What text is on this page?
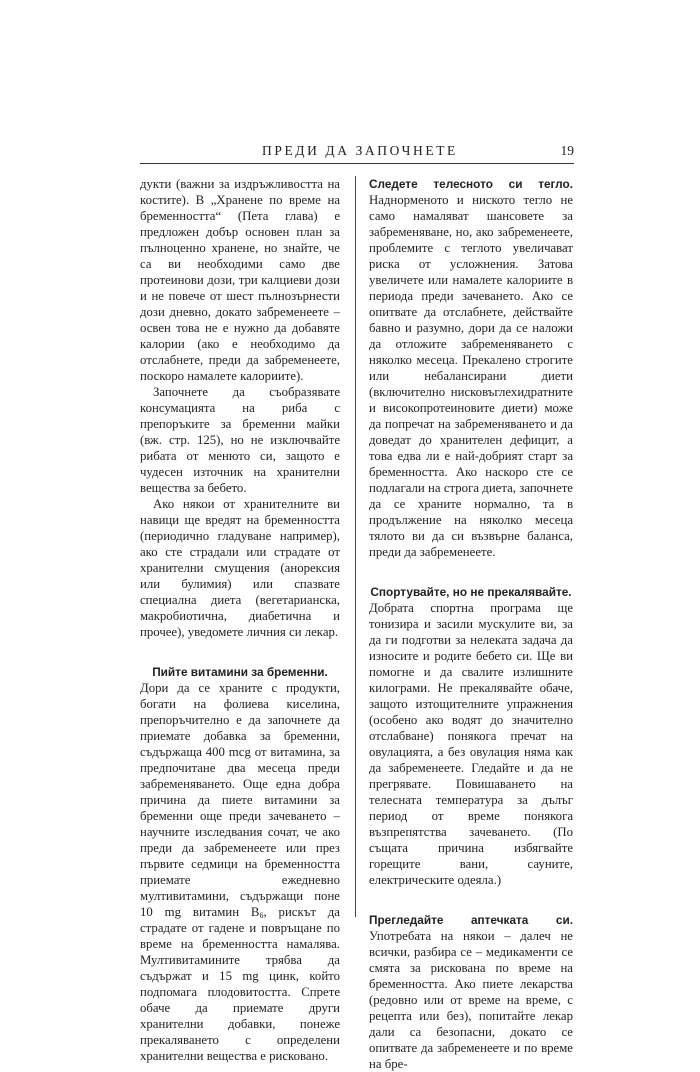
ПРЕДИ ДА ЗАПОЧНЕТЕ	19

дукти (важни за издръжливостта на костите). В „Хранене по време на бременността“ (Пета глава) е предложен добър основен план за пълноценно хранене, но знайте, че са ви необходими само две протеинови дози, три калциеви дози и не повече от шест пълнозърнести дози дневно, докато забременеете – освен това не е нужно да добавяте калории (ако е необходимо да отслабнете, преди да забременеете, поскоро намалете калориите).

Започнете да съобразявате консумацията на риба с препоръките за бременни майки (вж. стр. 125), но не изключвайте рибата от менюто си, защото е чудесен източник на хранителни вещества за бебето.

Ако някои от хранителните ви навици ще вредят на бременността (периодично гладуване например), ако сте страдали или страдате от хранителни смущения (анорексия или булимия) или спазвате специална диета (вегетарианска, макробиотична, диабетична и прочее), уведомете личния си лекар.

Пийте витамини за бременни.
Дори да се храните с продукти, богати на фолиева киселина, препоръчително е да започнете да приемате добавка за бременни, съдържаща 400 mcg от витамина, за предпочитане два месеца преди забременяването. Още една добра причина да пиете витамини за бременни още преди зачеването – научните изследвания сочат, че ако преди да забременеете или през първите седмици на бременността приемате ежедневно мултивитамини, съдържащи поне 10 mg витамин $B_6$, рискът да страдате от гадене и повръщане по време на бременността намалява. Мултивитамините трябва да съдържат и 15 mg цинк, който подпомага плодовитостта. Спрете обаче да приемате други хранителни добавки, понеже прекаляването с определени хранителни вещества е рисковано.

Следете телесното си тегло. Наднорменото и ниското тегло не само намаляват шансовете за забременяване, но, ако забременеете, проблемите с теглото увеличават риска от усложнения. Затова увеличете или намалете калориите в периода преди зачеването. Ако се опитвате да отслабнете, действайте бавно и разумно, дори да се наложи да отложите забременяването с няколко месеца. Прекалено строгите или небалансирани диети (включително нисковъглехидратните и високопротеиновите диети) може да попречат на забременяването и да доведат до хранителен дефицит, а това едва ли е най-добрият старт за бременността. Ако наскоро сте се подлагали на строга диета, започнете да се храните нормално, та в продължение на няколко месеца тялото ви да си възвърне баланса, преди да забременеете.

Спортувайте, но не прекалявайте.
Добрата спортна програма ще тонизира и засили мускулите ви, за да ги подготви за нелеката задача да износите и родите бебето си. Ще ви помогне и да свалите излишните килограми. Не прекалявайте обаче, защото изтощителните упражнения (особено ако водят до значително отслабване) понякога пречат на овулацията, а без овулация няма как да забременеете. Гледайте и да не прегрявате. Повишаването на телесната температура за дълъг период от време понякога възпрепятства зачеването. (По същата причина избягвайте горещите вани, сауните, електрическите одеяла.)

Прегледайте аптечката си. Употребата на някои – далеч не всички, разбира се – медикаменти се смята за рискована по време на бременността. Ако пиете лекарства (редовно или от време на време, с рецепта или без), попитайте лекар дали са безопасни, докато се опитвате да забременеете и по време на бре-
